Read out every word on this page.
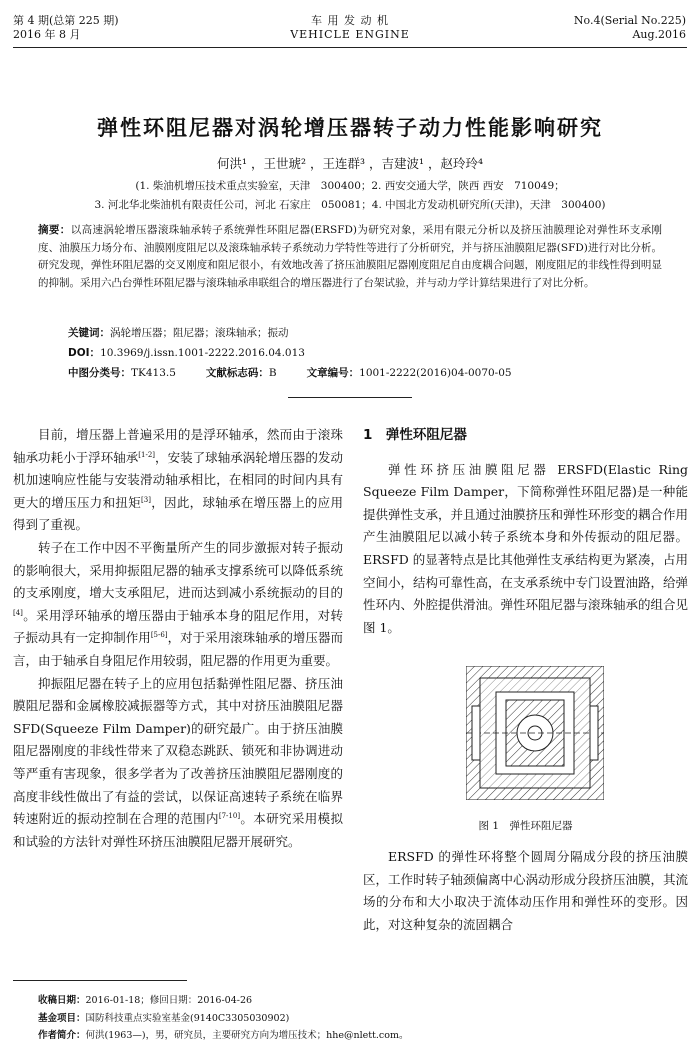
第 4 期(总第 225 期)
2016 年 8 月
车 用 发 动 机
VEHICLE ENGINE
No.4(Serial No.225)
Aug.2016
弹性环阻尼器对涡轮增压器转子动力性能影响研究
何洪¹ ，王世琥² ，王连群³ ，吉建波¹ ，赵玲玲⁴
(1. 柴油机增压技术重点实验室，天津　300400；2. 西安交通大学，陕西 西安　710049；
3. 河北华北柴油机有限责任公司，河北 石家庄　050081；4. 中国北方发动机研究所(天津)，天津　300400)
摘要：以高速涡轮增压器滚珠轴承转子系统弹性环阻尼器(ERSFD)为研究对象，采用有限元分析以及挤压油膜理论对弹性环支承刚度、油膜压力场分布、油膜刚度阻尼以及滚珠轴承转子系统动力学特性等进行了分析研究，并与挤压油膜阻尼器(SFD)进行对比分析。研究发现，弹性环阻尼器的交叉刚度和阻尼很小，有效地改善了挤压油膜阻尼器刚度阻尼自由度耦合问题，刚度阻尼的非线性得到明显的抑制。采用六凸台弹性环阻尼器与滚珠轴承串联组合的增压器进行了台架试验，并与动力学计算结果进行了对比分析。
关键词：涡轮增压器；阻尼器；滚珠轴承；振动
DOI：10.3969/j.issn.1001-2222.2016.04.013
中图分类号：TK413.5	文献标志码：B	文章编号：1001-2222(2016)04-0070-05

目前，增压器上普遍采用的是浮环轴承，然而由于滚珠轴承功耗小于浮环轴承[1-2]，安装了球轴承涡轮增压器的发动机加速响应性能与安装滑动轴承相比，在相同的时间内具有更大的增压压力和扭矩[3]，因此，球轴承在增压器上的应用得到了重视。

转子在工作中因不平衡量所产生的同步激振对转子振动的影响很大，采用抑振阻尼器的轴承支撑系统可以降低系统的支承刚度，增大支承阻尼，进而达到减小系统振动的目的[4]。采用浮环轴承的增压器由于轴承本身的阻尼作用，对转子振动具有一定抑制作用[5-6]，对于采用滚珠轴承的增压器而言，由于轴承自身阻尼作用较弱，阻尼器的作用更为重要。

抑振阻尼器在转子上的应用包括黏弹性阻尼器、挤压油膜阻尼器和金属橡胶减振器等方式，其中对挤压油膜阻尼器 SFD(Squeeze Film Damper)的研究最广。由于挤压油膜阻尼器刚度的非线性带来了双稳态跳跃、锁死和非协调进动等严重有害现象，很多学者为了改善挤压油膜阻尼器刚度的高度非线性做出了有益的尝试，以保证高速转子系统在临界转速附近的振动控制在合理的范围内[7-10]。本研究采用模拟和试验的方法针对弹性环挤压油膜阻尼器开展研究。

1　弹性环阻尼器

弹性环挤压油膜阻尼器 ERSFD(Elastic Ring Squeeze Film Damper，下简称弹性环阻尼器)是一种能提供弹性支承，并且通过油膜挤压和弹性环形变的耦合作用产生油膜阻尼以减小转子系统本身和外传振动的阻尼器。ERSFD 的显著特点是比其他弹性支承结构更为紧凑，占用空间小，结构可靠性高，在支承系统中专门设置油路，给弹性环内、外腔提供滑油。弹性环阻尼器与滚珠轴承的组合见图 1。

图 1　弹性环阻尼器

ERSFD 的弹性环将整个圆周分隔成分段的挤压油膜区，工作时转子轴颈偏离中心涡动形成分段挤压油膜，其流场的分布和大小取决于流体动压作用和弹性环的变形。因此，对这种复杂的流固耦合

收稿日期：2016-01-18；修回日期：2016-04-26
基金项目：国防科技重点实验室基金(9140C3305030902)
作者简介：何洪(1963—)，男，研究员，主要研究方向为增压技术；hhe@nlett.com。
